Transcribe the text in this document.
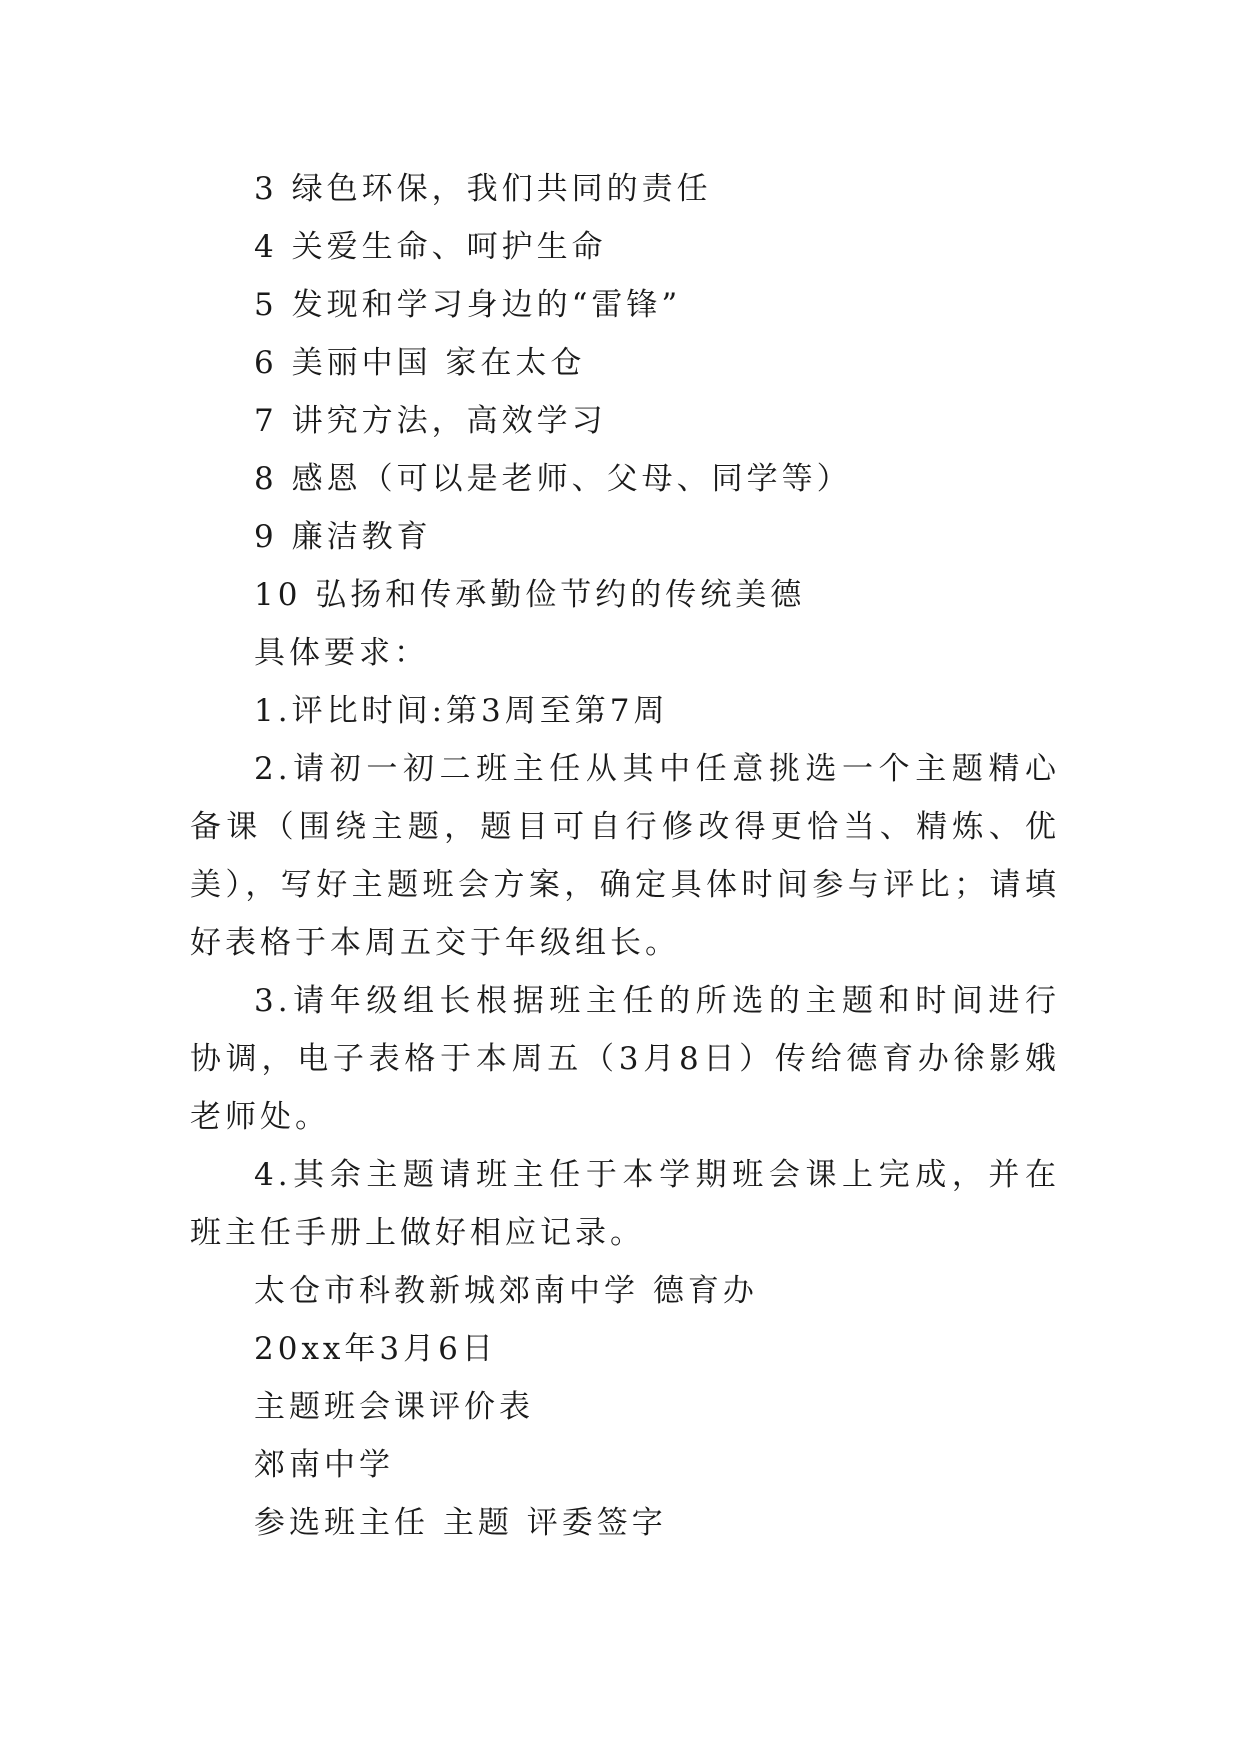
3 绿色环保，我们共同的责任
4 关爱生命、呵护生命
5 发现和学习身边的“雷锋”
6 美丽中国 家在太仓
7 讲究方法，高效学习
8 感恩（可以是老师、父母、同学等）
9 廉洁教育
10 弘扬和传承勤俭节约的传统美德
具体要求：
1.评比时间:第3周至第7周
2.请初一初二班主任从其中任意挑选一个主题精心备课（围绕主题，题目可自行修改得更恰当、精炼、优美），写好主题班会方案，确定具体时间参与评比；请填好表格于本周五交于年级组长。
3.请年级组长根据班主任的所选的主题和时间进行协调，电子表格于本周五（3月8日）传给德育办徐影娥老师处。
4.其余主题请班主任于本学期班会课上完成，并在班主任手册上做好相应记录。
太仓市科教新城郊南中学 德育办
20xx年3月6日
主题班会课评价表
郊南中学
参选班主任 主题 评委签字
